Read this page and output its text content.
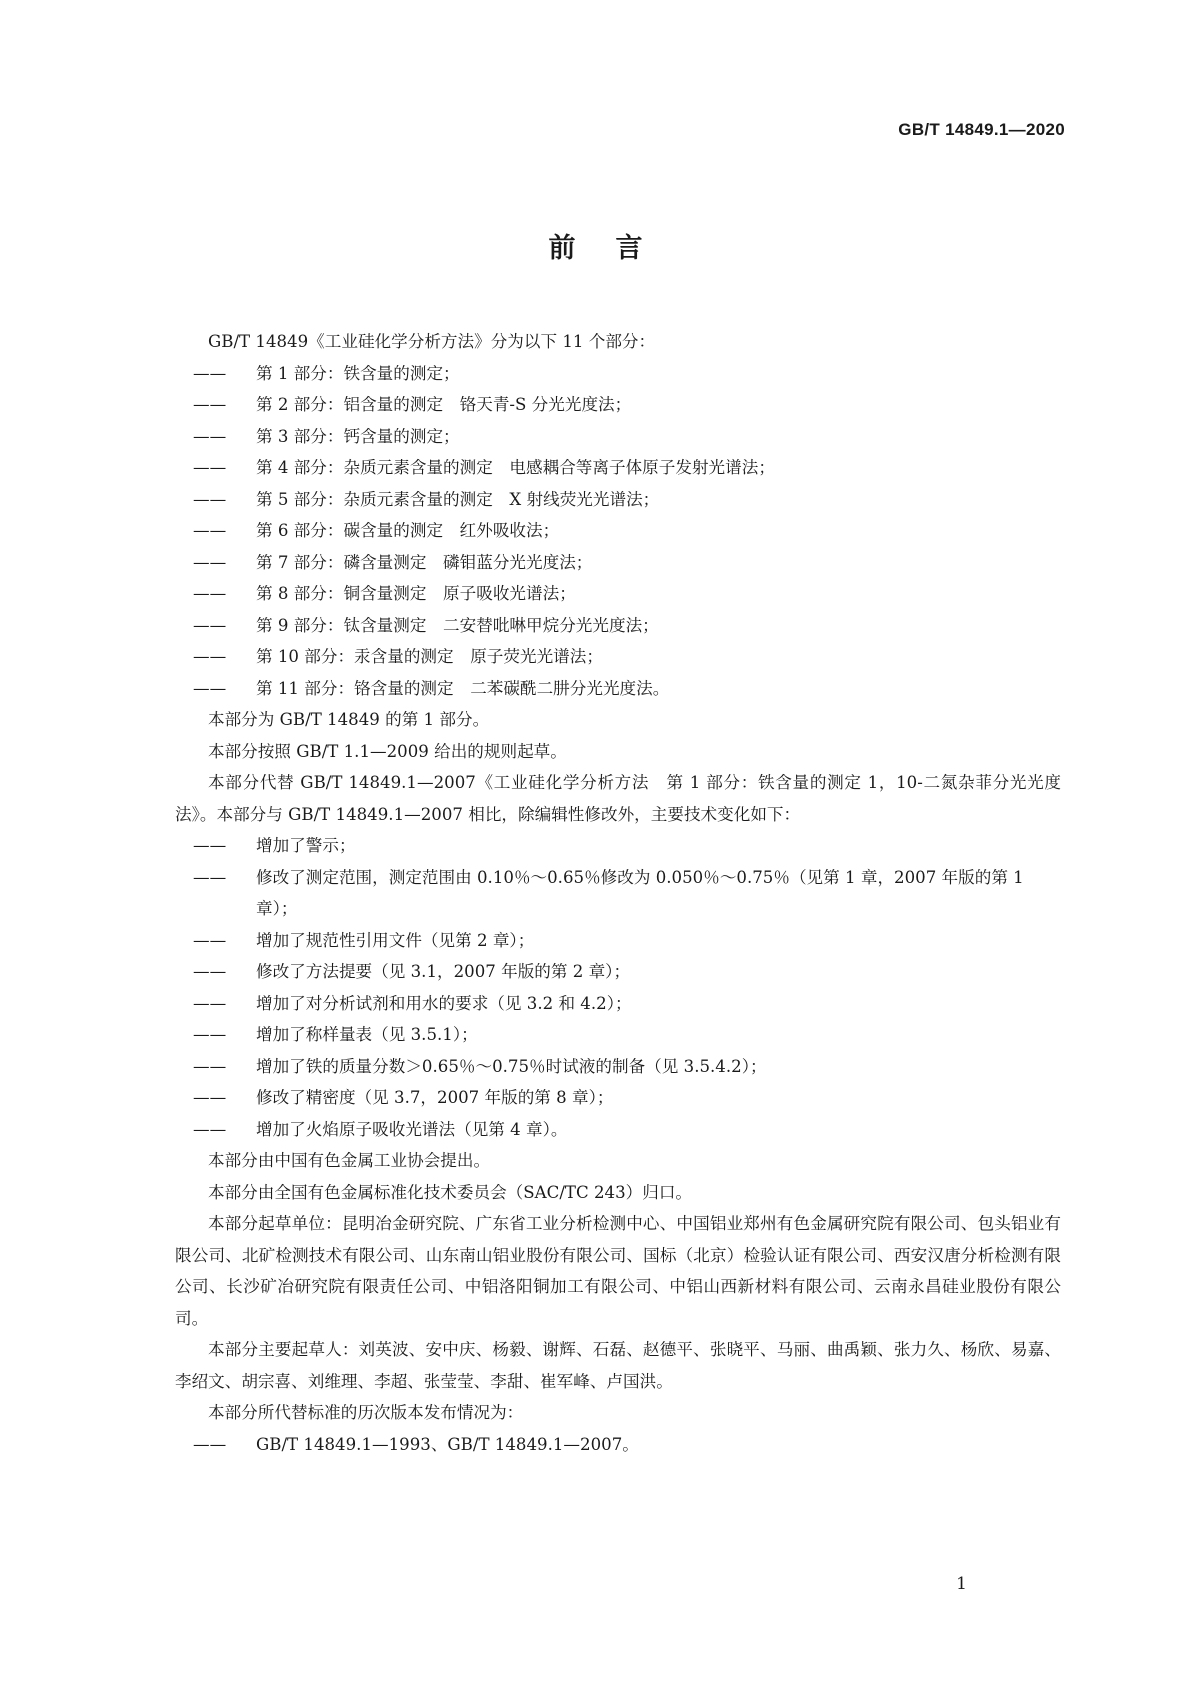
GB/T 14849.1—2020
前言
GB/T 14849《工业硅化学分析方法》分为以下 11 个部分：
—— 第 1 部分：铁含量的测定；
—— 第 2 部分：铝含量的测定　铬天青-S 分光光度法；
—— 第 3 部分：钙含量的测定；
—— 第 4 部分：杂质元素含量的测定　电感耦合等离子体原子发射光谱法；
—— 第 5 部分：杂质元素含量的测定　X 射线荧光光谱法；
—— 第 6 部分：碳含量的测定　红外吸收法；
—— 第 7 部分：磷含量测定　磷钼蓝分光光度法；
—— 第 8 部分：铜含量测定　原子吸收光谱法；
—— 第 9 部分：钛含量测定　二安替吡啉甲烷分光光度法；
—— 第 10 部分：汞含量的测定　原子荧光光谱法；
—— 第 11 部分：铬含量的测定　二苯碳酰二肼分光光度法。
本部分为 GB/T 14849 的第 1 部分。
本部分按照 GB/T 1.1—2009 给出的规则起草。
本部分代替 GB/T 14849.1—2007《工业硅化学分析方法　第 1 部分：铁含量的测定 1，10-二氮杂菲分光光度法》。本部分与 GB/T 14849.1—2007 相比，除编辑性修改外，主要技术变化如下：
—— 增加了警示；
—— 修改了测定范围，测定范围由 0.10％～0.65％修改为 0.050％～0.75％（见第 1 章，2007 年版的第 1 章）；
—— 增加了规范性引用文件（见第 2 章）；
—— 修改了方法提要（见 3.1，2007 年版的第 2 章）；
—— 增加了对分析试剂和用水的要求（见 3.2 和 4.2）；
—— 增加了称样量表（见 3.5.1）；
—— 增加了铁的质量分数＞0.65％～0.75％时试液的制备（见 3.5.4.2）；
—— 修改了精密度（见 3.7，2007 年版的第 8 章）；
—— 增加了火焰原子吸收光谱法（见第 4 章）。
本部分由中国有色金属工业协会提出。
本部分由全国有色金属标准化技术委员会（SAC/TC 243）归口。
本部分起草单位：昆明冶金研究院、广东省工业分析检测中心、中国铝业郑州有色金属研究院有限公司、包头铝业有限公司、北矿检测技术有限公司、山东南山铝业股份有限公司、国标（北京）检验认证有限公司、西安汉唐分析检测有限公司、长沙矿冶研究院有限责任公司、中铝洛阳铜加工有限公司、中铝山西新材料有限公司、云南永昌硅业股份有限公司。
本部分主要起草人：刘英波、安中庆、杨毅、谢辉、石磊、赵德平、张晓平、马丽、曲禹颖、张力久、杨欣、易嘉、李绍文、胡宗喜、刘维理、李超、张莹莹、李甜、崔军峰、卢国洪。
本部分所代替标准的历次版本发布情况为：
—— GB/T 14849.1—1993、GB/T 14849.1—2007。
1
